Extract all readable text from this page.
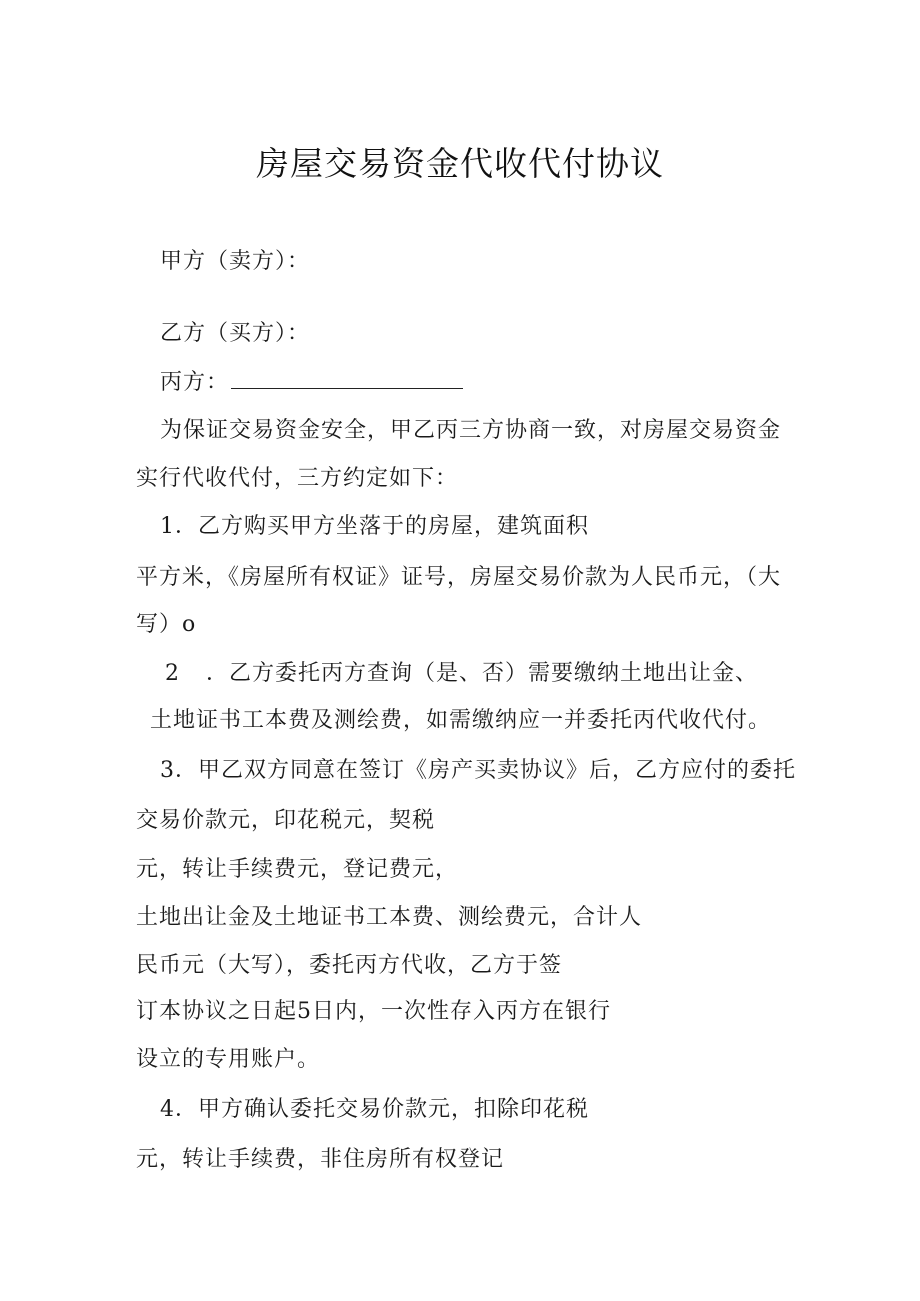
房屋交易资金代收代付协议
甲方（卖方）：
乙方（买方）：
丙方：
为保证交易资金安全，甲乙丙三方协商一致，对房屋交易资金
实行代收代付，三方约定如下：
1．乙方购买甲方坐落于的房屋，建筑面积
平方米，《房屋所有权证》证号，房屋交易价款为人民币元，（大
写）o
2 ．乙方委托丙方查询（是、否）需要缴纳土地出让金、
土地证书工本费及测绘费，如需缴纳应一并委托丙代收代付。
3．甲乙双方同意在签订《房产买卖协议》后，乙方应付的委托
交易价款元，印花税元，契税
元，转让手续费元，登记费元，
土地出让金及土地证书工本费、测绘费元，合计人
民币元（大写），委托丙方代收，乙方于签
订本协议之日起5日内，一次性存入丙方在银行
设立的专用账户。
4．甲方确认委托交易价款元，扣除印花税
元，转让手续费，非住房所有权登记
